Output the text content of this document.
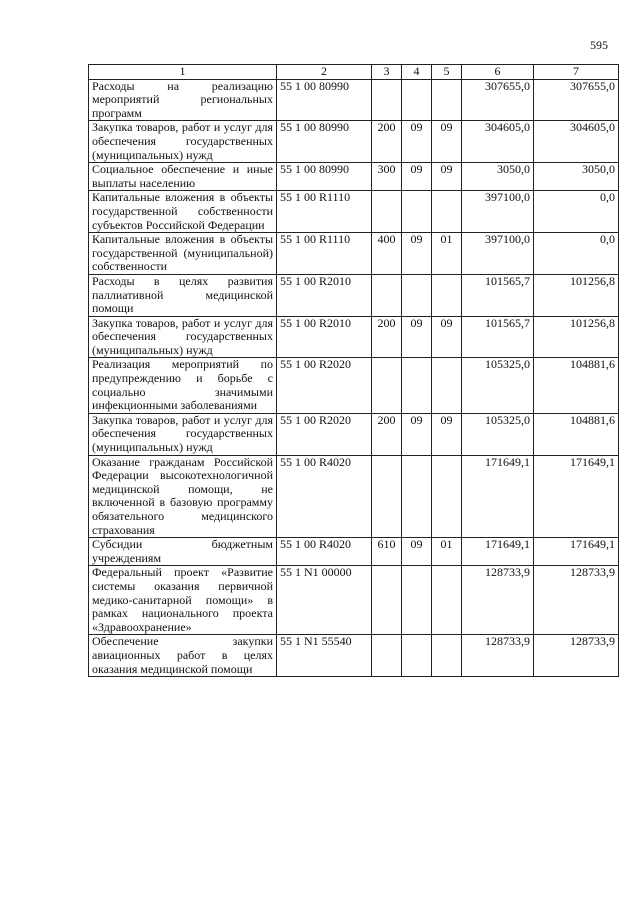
595
1	2	3	4	5	6	7
Расходы на реализацию мероприятий региональных программ	55 1 00 80990				307655,0	307655,0
Закупка товаров, работ и услуг для обеспечения государственных (муниципальных) нужд	55 1 00 80990	200	09	09	304605,0	304605,0
Социальное обеспечение и иные выплаты населению	55 1 00 80990	300	09	09	3050,0	3050,0
Капитальные вложения в объекты государственной собственности субъектов Российской Федерации	55 1 00 R1110				397100,0	0,0
Капитальные вложения в объекты государственной (муниципальной) собственности	55 1 00 R1110	400	09	01	397100,0	0,0
Расходы в целях развития паллиативной медицинской помощи	55 1 00 R2010				101565,7	101256,8
Закупка товаров, работ и услуг для обеспечения государственных (муниципальных) нужд	55 1 00 R2010	200	09	09	101565,7	101256,8
Реализация мероприятий по предупреждению и борьбе с социально значимыми инфекционными заболеваниями	55 1 00 R2020				105325,0	104881,6
Закупка товаров, работ и услуг для обеспечения государственных (муниципальных) нужд	55 1 00 R2020	200	09	09	105325,0	104881,6
Оказание гражданам Российской Федерации высокотехнологичной медицинской помощи, не включенной в базовую программу обязательного медицинского страхования	55 1 00 R4020				171649,1	171649,1
Субсидии бюджетным учреждениям	55 1 00 R4020	610	09	01	171649,1	171649,1
Федеральный проект «Развитие системы оказания первичной медико-санитарной помощи» в рамках национального проекта «Здравоохранение»	55 1 N1 00000				128733,9	128733,9
Обеспечение закупки авиационных работ в целях оказания медицинской помощи	55 1 N1 55540				128733,9	128733,9
